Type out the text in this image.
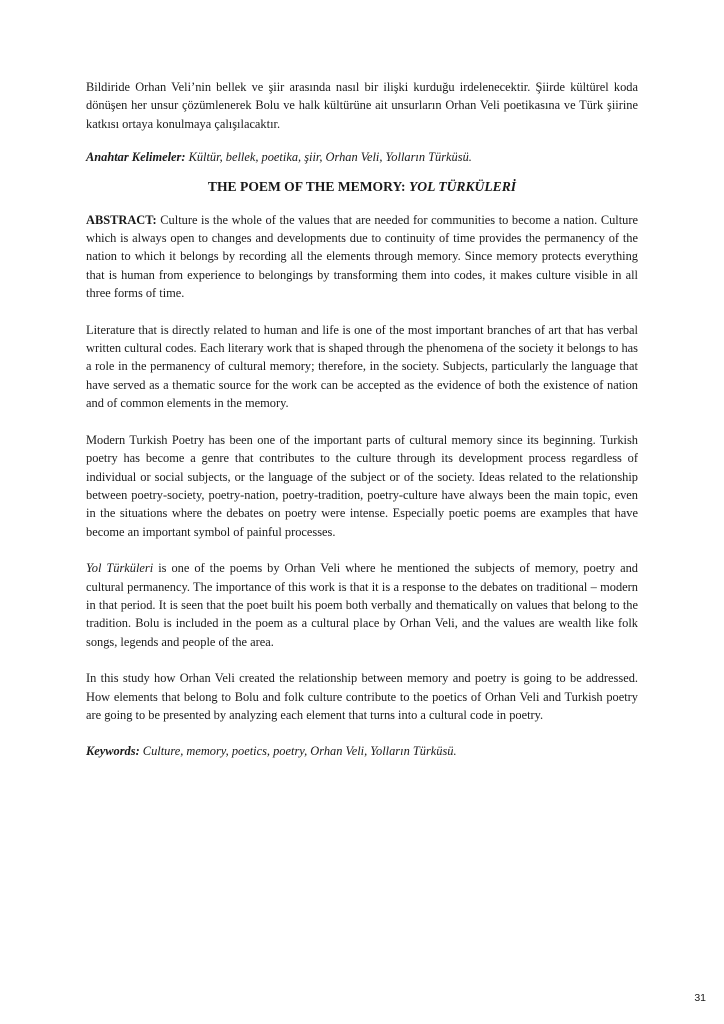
Bildiride Orhan Veli’nin bellek ve şiir arasında nasıl bir ilişki kurduğu irdelenecektir. Şiirde kültürel koda dönüşen her unsur çözümlenerek Bolu ve halk kültürüne ait unsurların Orhan Veli poetikasına ve Türk şiirine katkısı ortaya konulmaya çalışılacaktır.

Anahtar Kelimeler: Kültür, bellek, poetika, şiir, Orhan Veli, Yolların Türküsü.

THE POEM OF THE MEMORY: YOL TÜRKÜLERİ

ABSTRACT: Culture is the whole of the values that are needed for communities to become a nation. Culture which is always open to changes and developments due to continuity of time provides the permanency of the nation to which it belongs by recording all the elements through memory. Since memory protects everything that is human from experience to belongings by transforming them into codes, it makes culture visible in all three forms of time.

Literature that is directly related to human and life is one of the most important branches of art that has verbal written cultural codes. Each literary work that is shaped through the phenomena of the society it belongs to has a role in the permanency of cultural memory; therefore, in the society. Subjects, particularly the language that have served as a thematic source for the work can be accepted as the evidence of both the existence of nation and of common elements in the memory.

Modern Turkish Poetry has been one of the important parts of cultural memory since its beginning. Turkish poetry has become a genre that contributes to the culture through its development process regardless of individual or social subjects, or the language of the subject or of the society. Ideas related to the relationship between poetry-society, poetry-nation, poetry-tradition, poetry-culture have always been the main topic, even in the situations where the debates on poetry were intense. Especially poetic poems are examples that have become an important symbol of painful processes.

Yol Türküleri is one of the poems by Orhan Veli where he mentioned the subjects of memory, poetry and cultural permanency. The importance of this work is that it is a response to the debates on traditional – modern in that period. It is seen that the poet built his poem both verbally and thematically on values that belong to the tradition. Bolu is included in the poem as a cultural place by Orhan Veli, and the values are wealth like folk songs, legends and people of the area.

In this study how Orhan Veli created the relationship between memory and poetry is going to be addressed. How elements that belong to Bolu and folk culture contribute to the poetics of Orhan Veli and Turkish poetry are going to be presented by analyzing each element that turns into a cultural code in poetry.

Keywords: Culture, memory, poetics, poetry, Orhan Veli, Yolların Türküsü.

31
